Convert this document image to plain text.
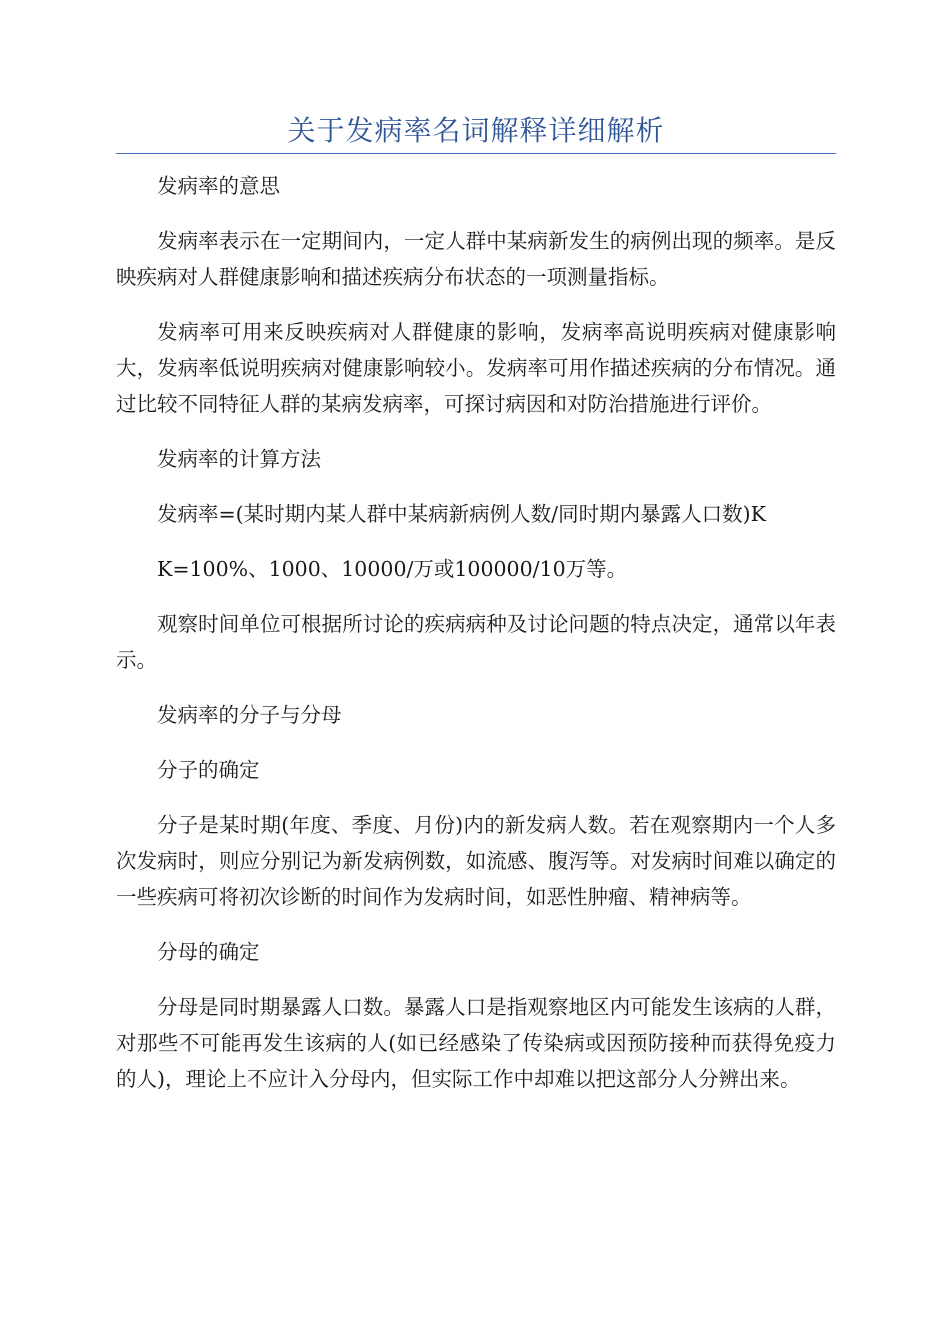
关于发病率名词解释详细解析

发病率的意思

发病率表示在一定期间内，一定人群中某病新发生的病例出现的频率。是反映疾病对人群健康影响和描述疾病分布状态的一项测量指标。

发病率可用来反映疾病对人群健康的影响，发病率高说明疾病对健康影响大，发病率低说明疾病对健康影响较小。发病率可用作描述疾病的分布情况。通过比较不同特征人群的某病发病率，可探讨病因和对防治措施进行评价。

发病率的计算方法

发病率=(某时期内某人群中某病新病例人数/同时期内暴露人口数)K

K=100%、1000、10000/万或100000/10万等。

观察时间单位可根据所讨论的疾病病种及讨论问题的特点决定，通常以年表示。

发病率的分子与分母

分子的确定

分子是某时期(年度、季度、月份)内的新发病人数。若在观察期内一个人多次发病时，则应分别记为新发病例数，如流感、腹泻等。对发病时间难以确定的一些疾病可将初次诊断的时间作为发病时间，如恶性肿瘤、精神病等。

分母的确定

分母是同时期暴露人口数。暴露人口是指观察地区内可能发生该病的人群，对那些不可能再发生该病的人(如已经感染了传染病或因预防接种而获得免疫力的人)，理论上不应计入分母内，但实际工作中却难以把这部分人分辨出来。
